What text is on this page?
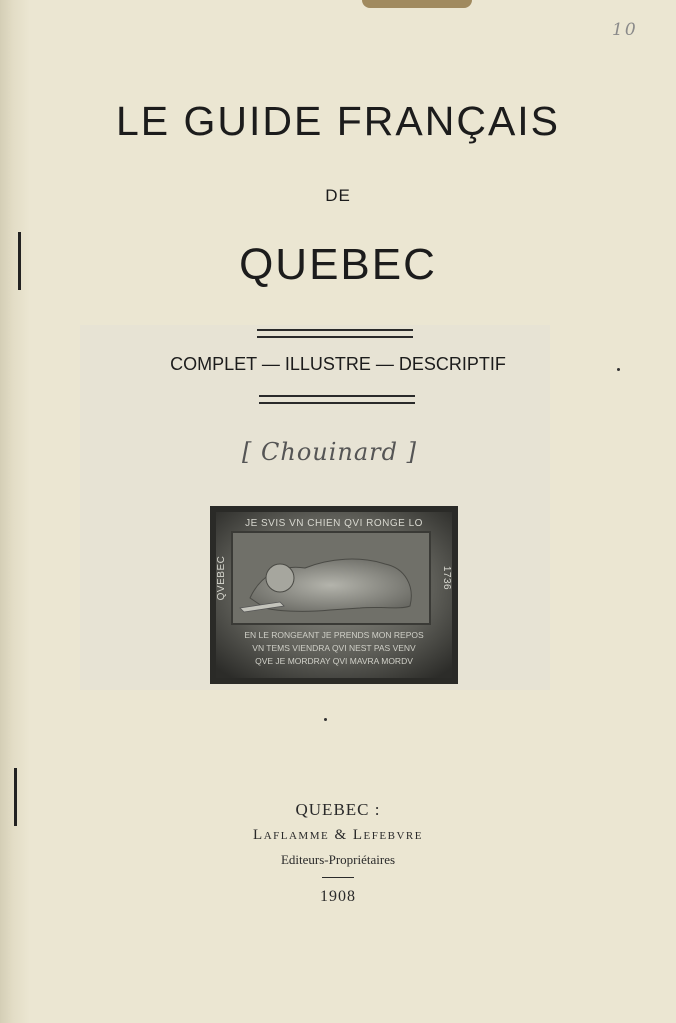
10
LE GUIDE FRANÇAIS
DE
QUEBEC
COMPLET — ILLUSTRE — DESCRIPTIF
[ Chouinard ]
JE SVIS VN CHIEN QVI RONGE LO
1736
QVEBEC
EN LE RONGEANT JE PRENDS MON REPOS
VN TEMS VIENDRA QVI NEST PAS VENV
QVE JE MORDRAY QVI MAVRA MORDV
QUEBEC :
Laflamme & Lefebvre
Editeurs-Propriétaires
1908
